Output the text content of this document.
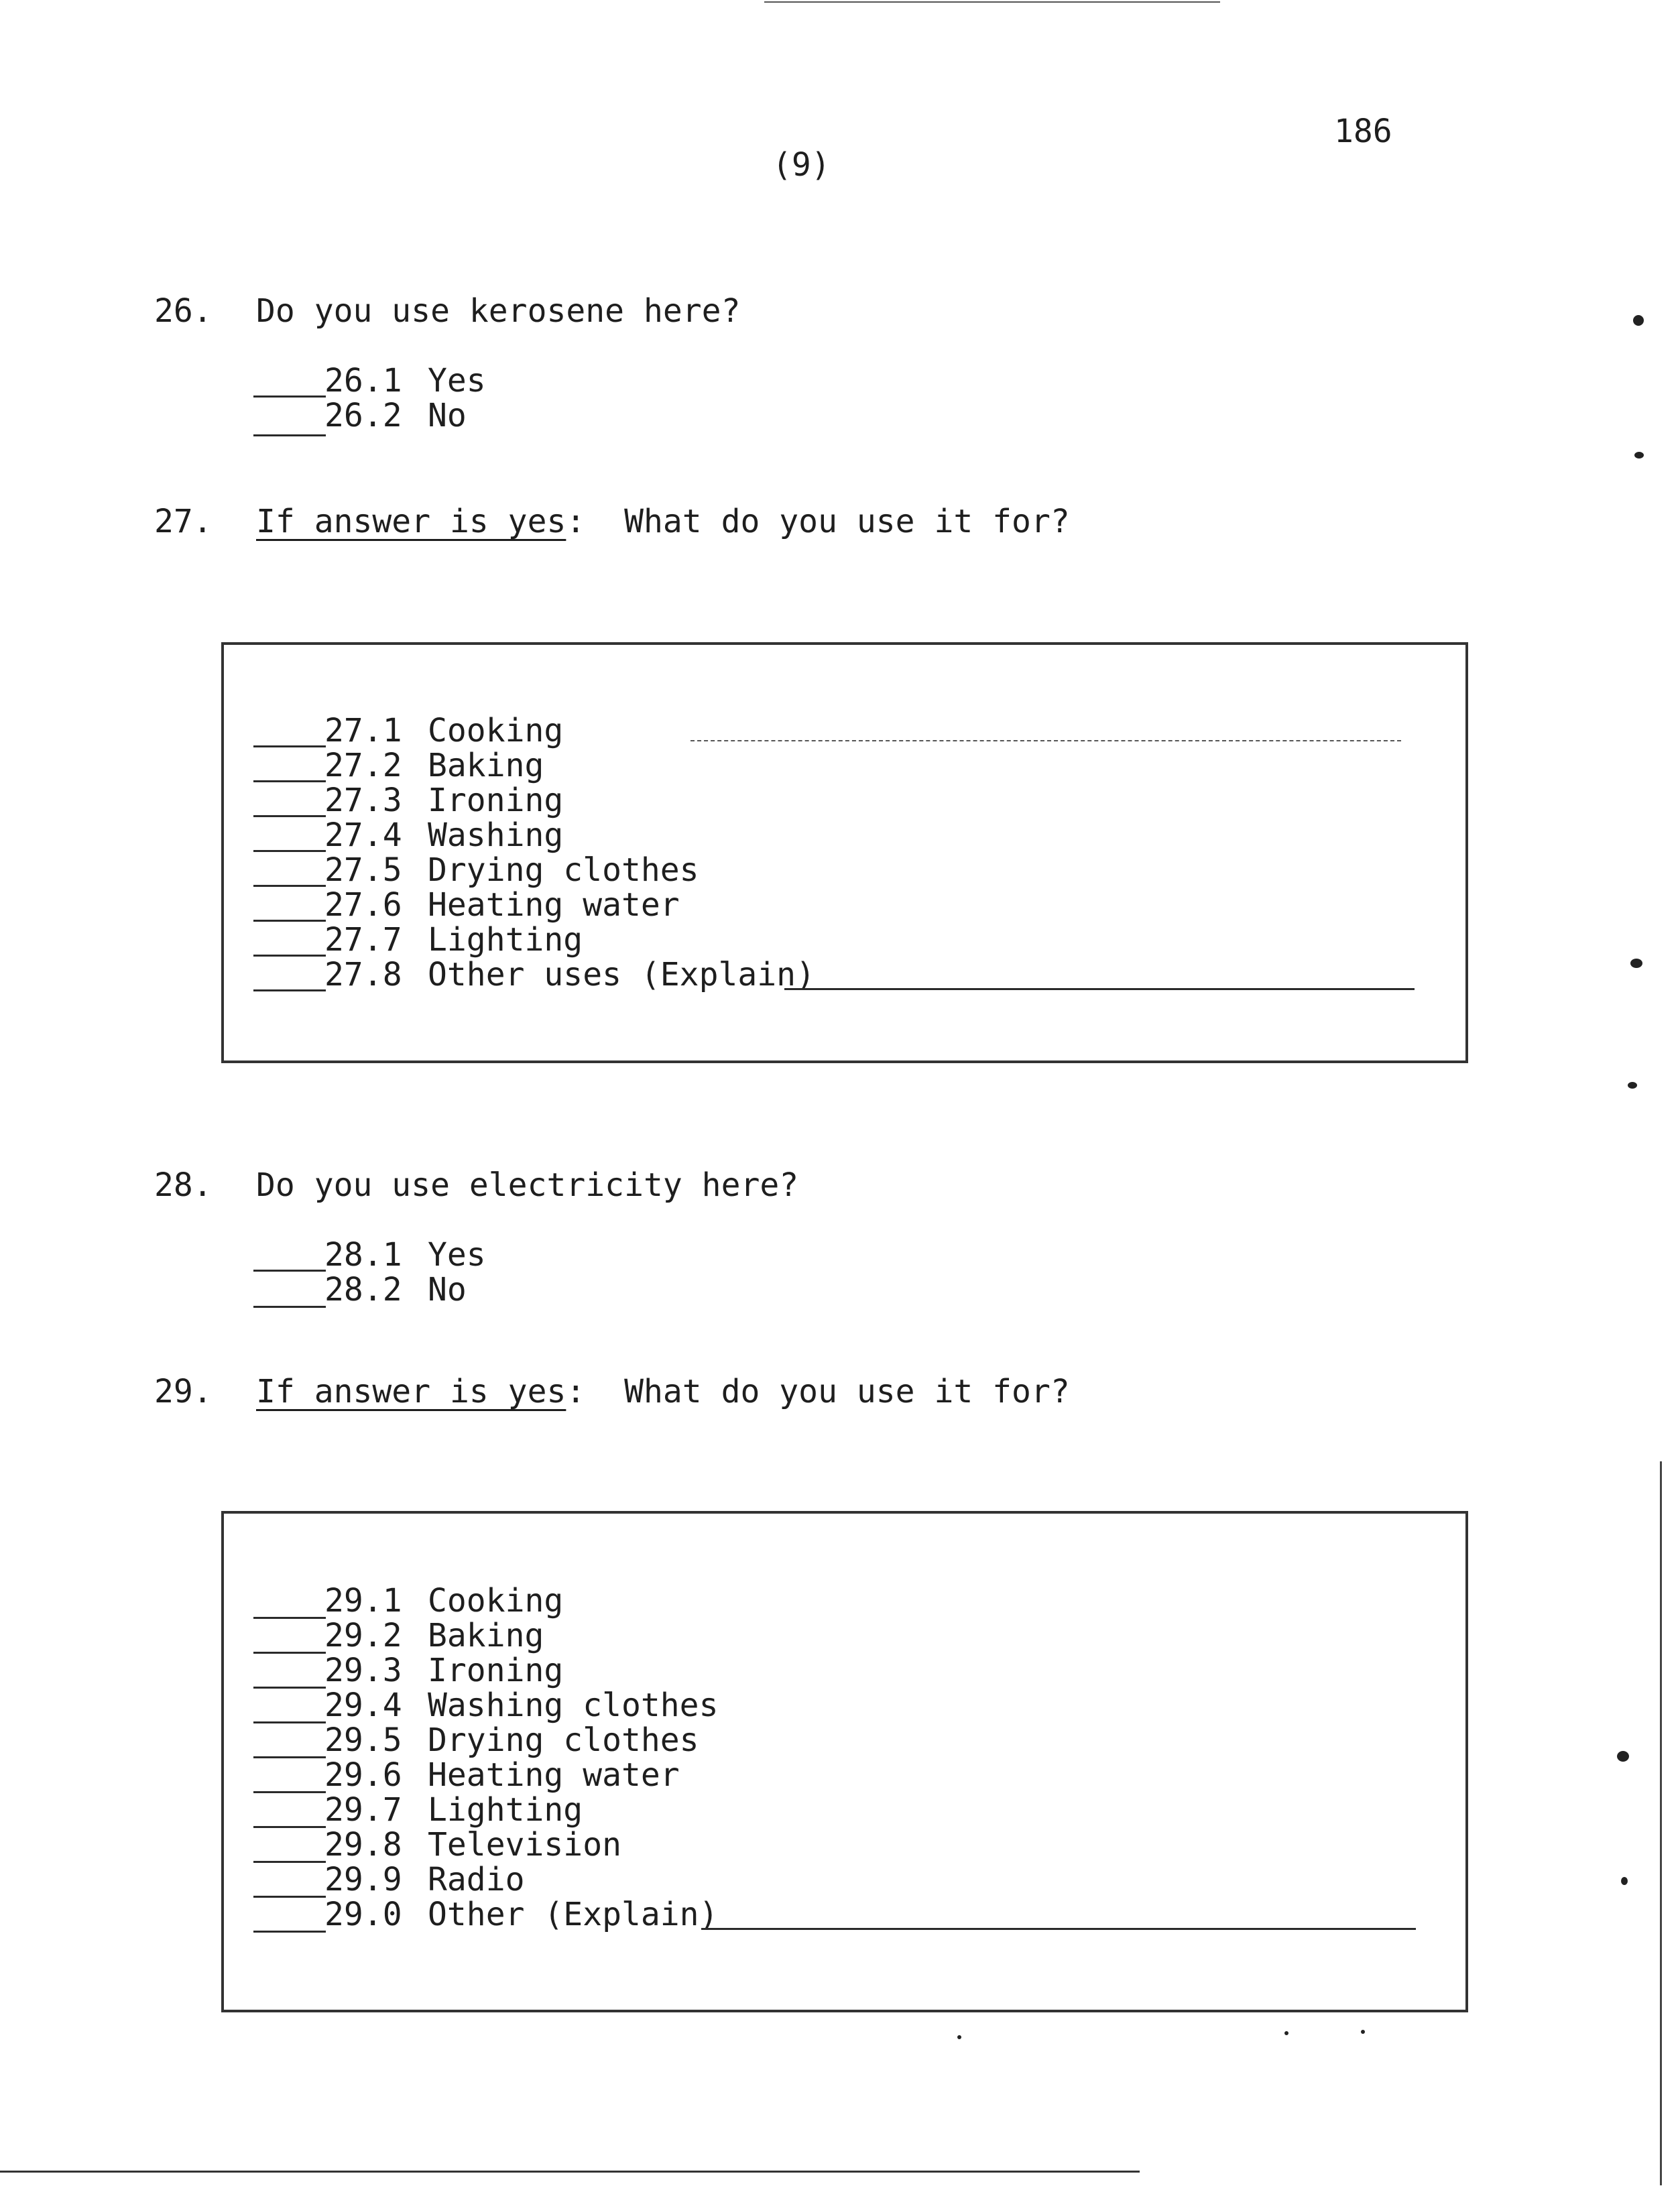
186
(9)
26. Do you use kerosene here?
26.1 Yes
26.2 No
27. If answer is yes: What do you use it for?
27.1 Cooking
27.2 Baking
27.3 Ironing
27.4 Washing
27.5 Drying clothes
27.6 Heating water
27.7 Lighting
27.8 Other uses (Explain)
28. Do you use electricity here?
28.1 Yes
28.2 No
29. If answer is yes: What do you use it for?
29.1 Cooking
29.2 Baking
29.3 Ironing
29.4 Washing clothes
29.5 Drying clothes
29.6 Heating water
29.7 Lighting
29.8 Television
29.9 Radio
29.0 Other (Explain)
